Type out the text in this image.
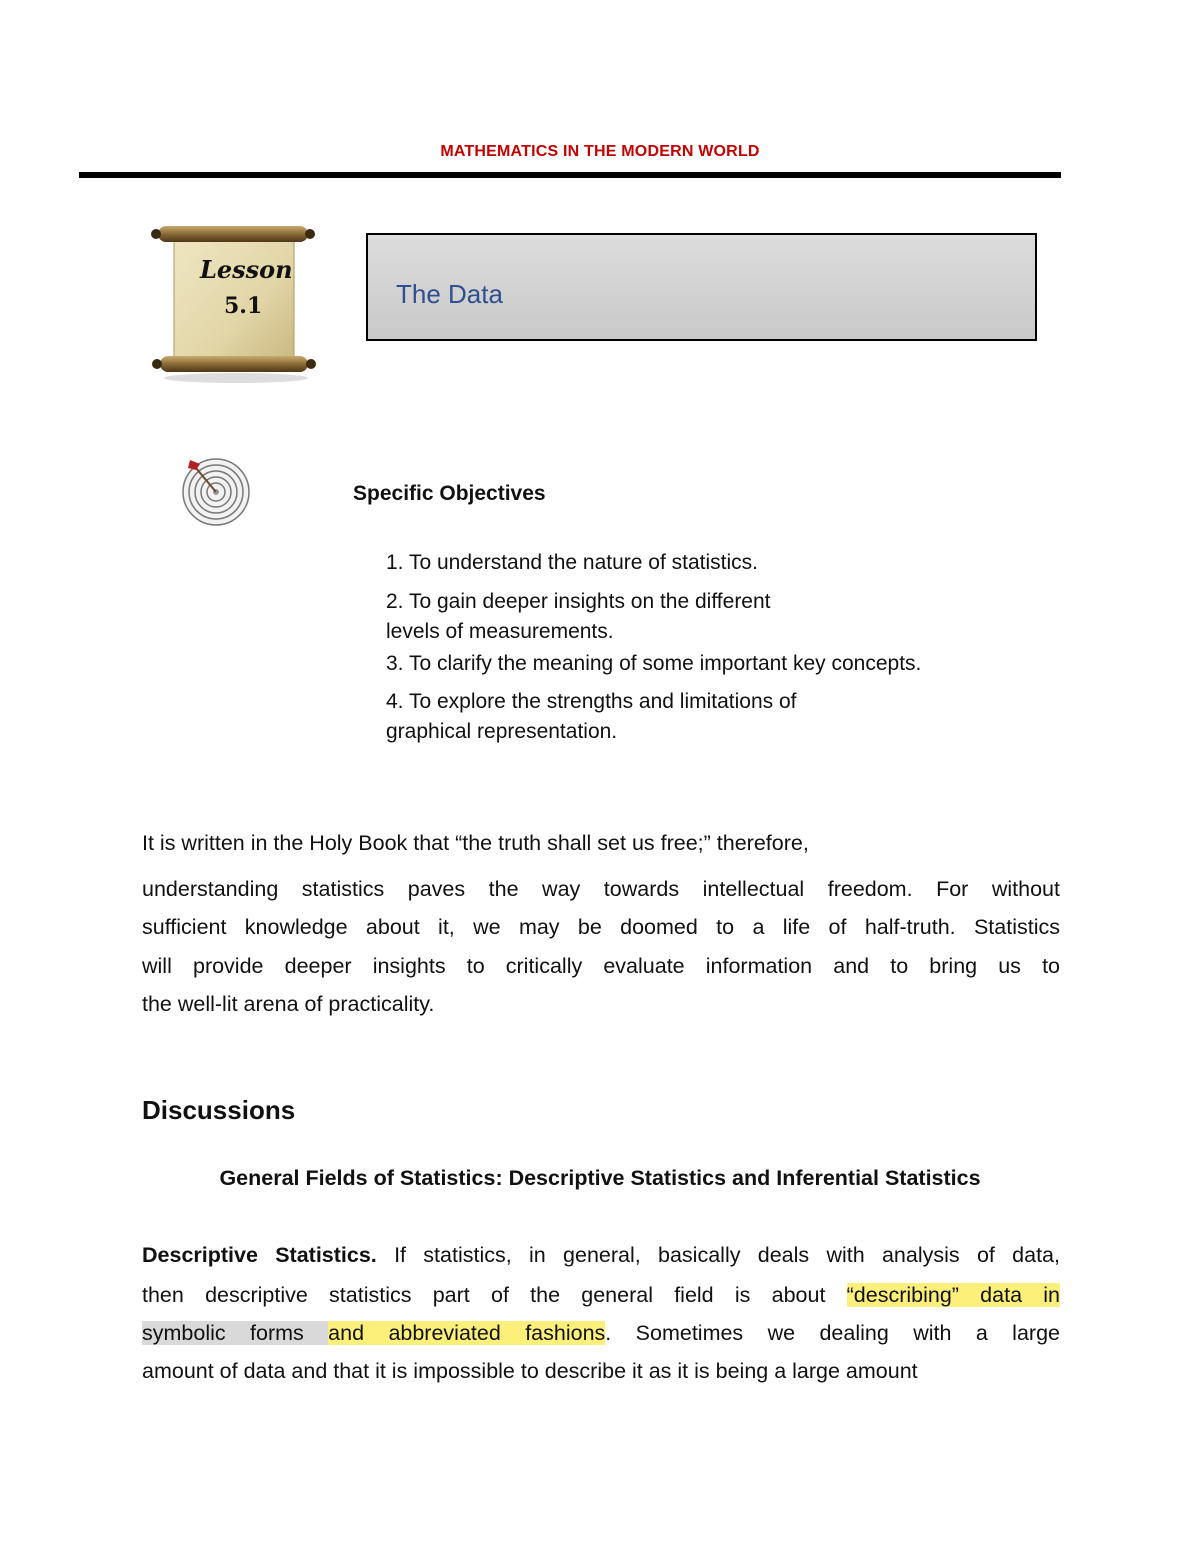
MATHEMATICS IN THE MODERN WORLD
Lesson
5.1	The Data
Specific Objectives
1. To understand the nature of statistics.
2. To gain deeper insights on the different
levels of measurements.
3. To clarify the meaning of some important key concepts.
4. To explore the strengths and limitations of
graphical representation.
It is written in the Holy Book that “the truth shall set us free;” therefore,
understanding statistics paves the way towards intellectual freedom. For without
sufficient knowledge about it, we may be doomed to a life of half-truth. Statistics
will provide deeper insights to critically evaluate information and to bring us to
the well-lit arena of practicality.
Discussions
General Fields of Statistics: Descriptive Statistics and Inferential Statistics
Descriptive Statistics. If statistics, in general, basically deals with analysis of data,
then descriptive statistics part of the general field is about “describing” data in
symbolic forms and abbreviated fashions. Sometimes we dealing with a large
amount of data and that it is impossible to describe it as it is being a large amount
